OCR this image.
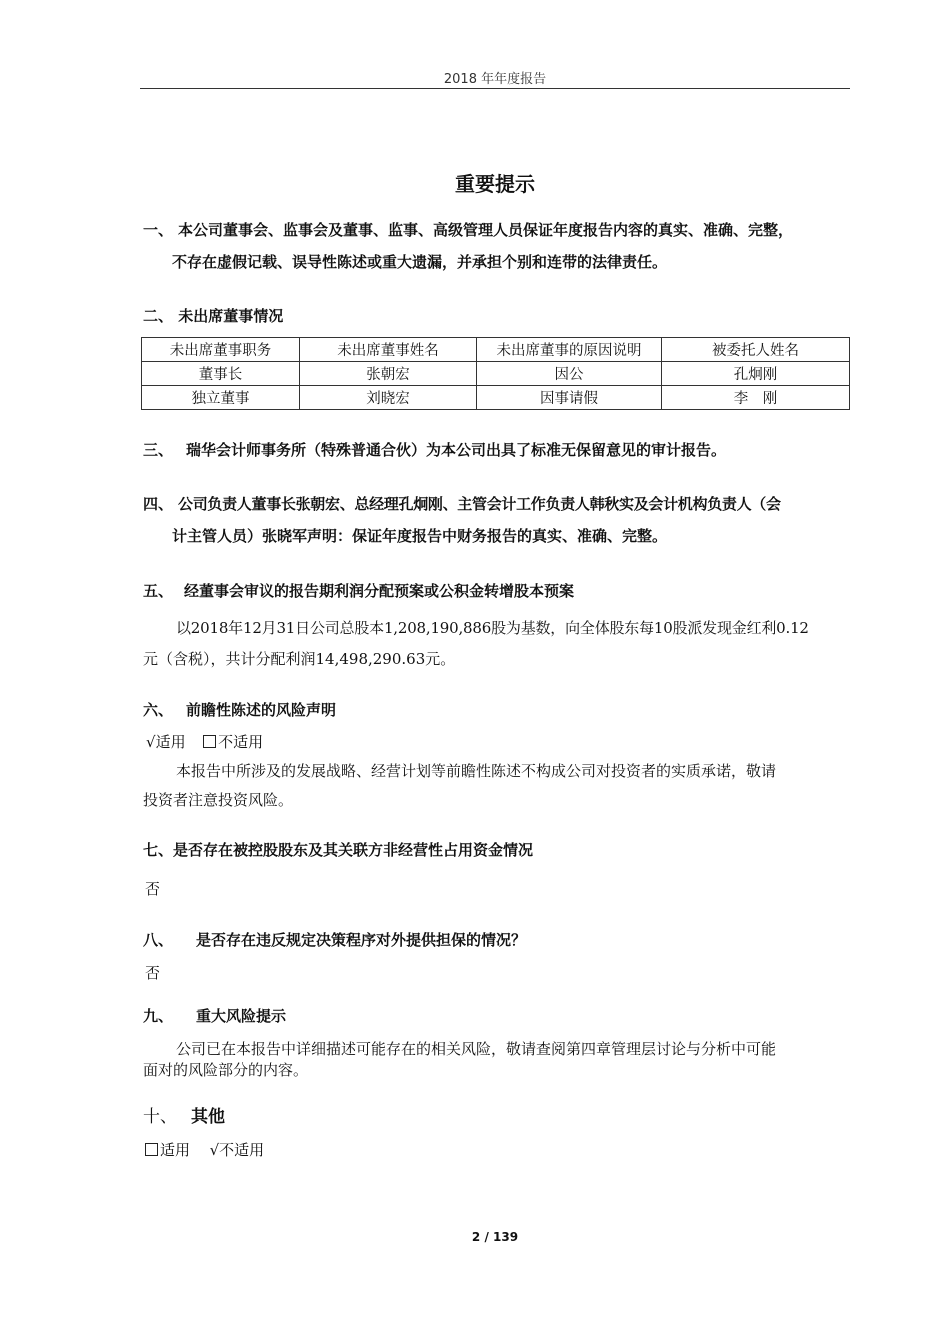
2018 年年度报告
重要提示
一、 本公司董事会、监事会及董事、监事、高级管理人员保证年度报告内容的真实、准确、完整，
不存在虚假记载、误导性陈述或重大遗漏，并承担个别和连带的法律责任。
二、 未出席董事情况
未出席董事职务	未出席董事姓名	未出席董事的原因说明	被委托人姓名
董事长	张朝宏	因公	孔炯刚
独立董事	刘晓宏	因事请假	李　刚
三、 瑞华会计师事务所（特殊普通合伙）为本公司出具了标准无保留意见的审计报告。
四、 公司负责人董事长张朝宏、总经理孔炯刚、主管会计工作负责人韩秋实及会计机构负责人（会
计主管人员）张晓军声明：保证年度报告中财务报告的真实、准确、完整。
五、 经董事会审议的报告期利润分配预案或公积金转增股本预案
以2018年12月31日公司总股本1,208,190,886股为基数，向全体股东每10股派发现金红利0.12
元（含税），共计分配利润14,498,290.63元。
六、 前瞻性陈述的风险声明
√适用 不适用
本报告中所涉及的发展战略、经营计划等前瞻性陈述不构成公司对投资者的实质承诺，敬请
投资者注意投资风险。
七、是否存在被控股股东及其关联方非经营性占用资金情况
否
八、 是否存在违反规定决策程序对外提供担保的情况？
否
九、 重大风险提示
公司已在本报告中详细描述可能存在的相关风险，敬请查阅第四章管理层讨论与分析中可能
面对的风险部分的内容。
十、 其他
适用 √不适用
2 / 139
